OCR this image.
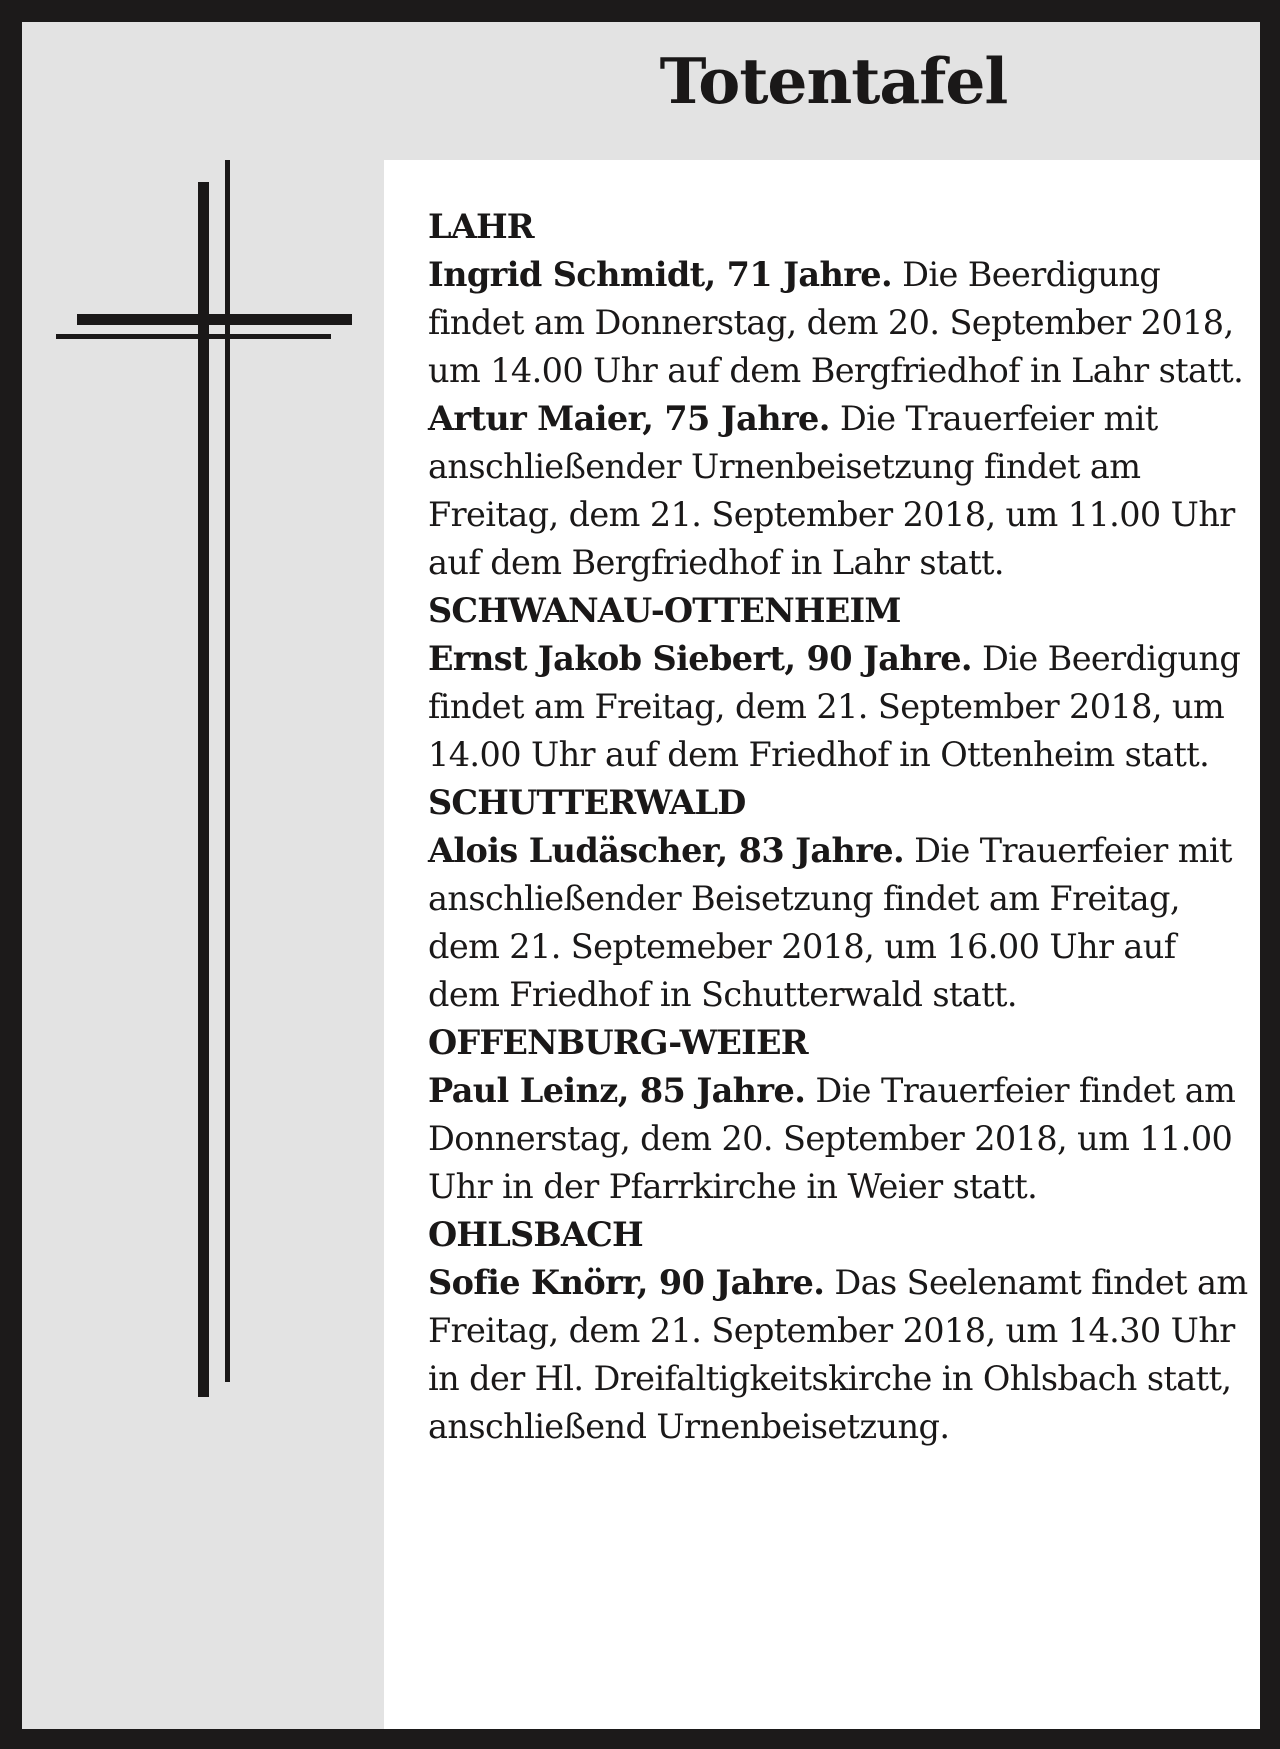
Totentafel
LAHR

Ingrid Schmidt, 71 Jahre. Die Beerdigung findet am Donnerstag, dem 20. September 2018, um 14.00 Uhr auf dem Bergfriedhof in Lahr statt.

Artur Maier, 75 Jahre. Die Trauerfeier mit anschließender Urnenbeisetzung findet am Freitag, dem 21. September 2018, um 11.00 Uhr auf dem Bergfriedhof in Lahr statt.

SCHWANAU-OTTENHEIM

Ernst Jakob Siebert, 90 Jahre. Die Beerdigung findet am Freitag, dem 21. September 2018, um 14.00 Uhr auf dem Friedhof in Ottenheim statt.

SCHUTTERWALD

Alois Ludäscher, 83 Jahre. Die Trauerfeier mit anschließender Beisetzung findet am Freitag, dem 21. Septemeber 2018, um 16.00 Uhr auf dem Friedhof in Schutterwald statt.

OFFENBURG-WEIER

Paul Leinz, 85 Jahre. Die Trauerfeier findet am Donnerstag, dem 20. September 2018, um 11.00 Uhr in der Pfarrkirche in Weier statt.

OHLSBACH

Sofie Knörr, 90 Jahre. Das Seelenamt findet am Freitag, dem 21. September 2018, um 14.30 Uhr in der Hl. Dreifaltigkeitskirche in Ohlsbach statt, anschließend Urnenbeisetzung.
